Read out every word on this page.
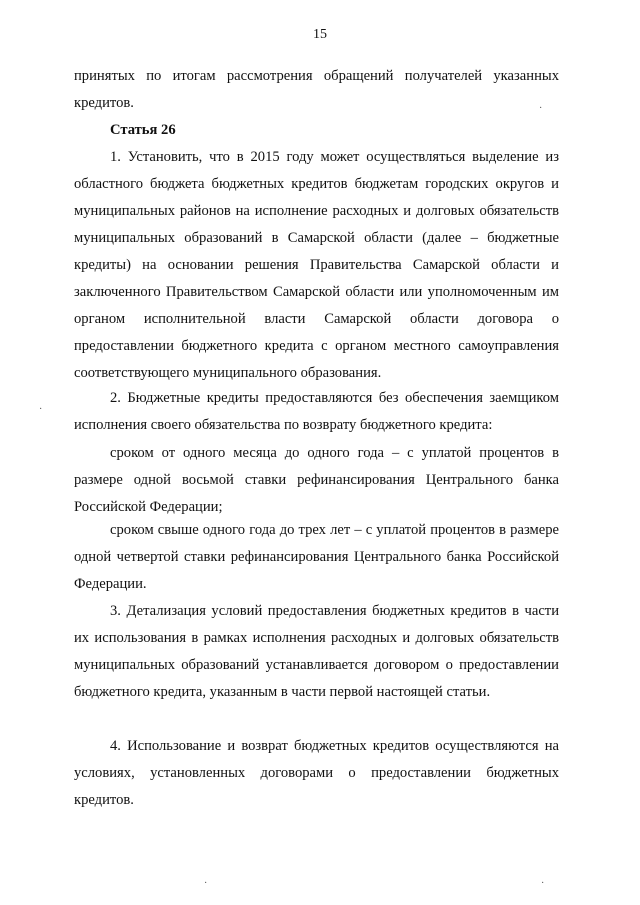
15
принятых по итогам рассмотрения обращений получателей указанных кредитов.
Статья 26
1. Установить, что в 2015 году может осуществляться выделение из областного бюджета бюджетных кредитов бюджетам городских округов и муниципальных районов на исполнение расходных и долговых обязательств муниципальных образований в Самарской области (далее – бюджетные кредиты) на основании решения Правительства Самарской области и заключенного Правительством Самарской области или уполномоченным им органом исполнительной власти Самарской области договора о предоставлении бюджетного кредита с органом местного самоуправления соответствующего муниципального образования.
2. Бюджетные кредиты предоставляются без обеспечения заемщиком исполнения своего обязательства по возврату бюджетного кредита:
сроком от одного месяца до одного года – с уплатой процентов в размере одной восьмой ставки рефинансирования Центрального банка Российской Федерации;
сроком свыше одного года до трех лет – с уплатой процентов в размере одной четвертой ставки рефинансирования Центрального банка Российской Федерации.
3. Детализация условий предоставления бюджетных кредитов в части их использования в рамках исполнения расходных и долговых обязательств муниципальных образований устанавливается договором о предоставлении бюджетного кредита, указанным в части первой настоящей статьи.
4. Использование и возврат бюджетных кредитов осуществляются на условиях, установленных договорами о предоставлении бюджетных кредитов.
·
·
·	·
